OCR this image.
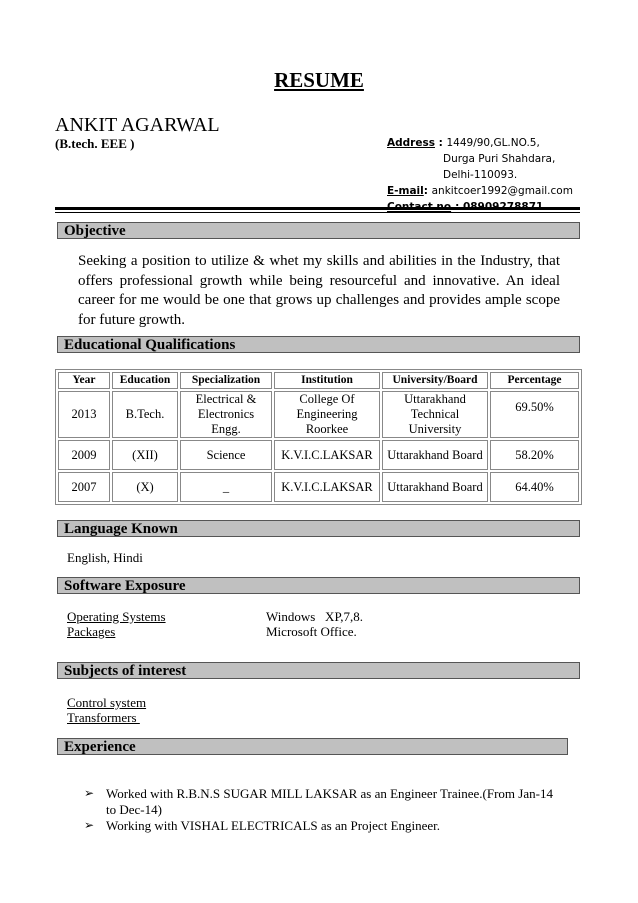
RESUME
ANKIT AGARWAL
(B.tech. EEE )	Address : 1449/90,GL.NO.5,
Durga Puri Shahdara,
Delhi-110093.
E-mail: ankitcoer1992@gmail.com
Objective
Seeking a position to utilize & whet my skills and abilities in the Industry, that offers professional growth while being resourceful and innovative. An ideal career for me would be one that grows up challenges and provides ample scope for future growth.
Educational Qualifications
Year	Education	Specialization	Institution	University/Board	Percentage
2013	B.Tech.	Electrical & Electronics Engg.	College Of Engineering Roorkee	Uttarakhand Technical University	69.50%
2009	(XII)	Science	K.V.I.C.LAKSAR	Uttarakhand Board	58.20%
2007	(X)	_	K.V.I.C.LAKSAR	Uttarakhand Board	64.40%
Language Known
English, Hindi
Software Exposure
Operating Systems	Windows   XP,7,8.
Packages	Microsoft Office.
Subjects of interest
Control system
Transformers
Experience
➢ Worked with R.B.N.S SUGAR MILL LAKSAR as an Engineer Trainee.(From Jan-14 to Dec-14)
➢ Working with VISHAL ELECTRICALS as an Project Engineer.
